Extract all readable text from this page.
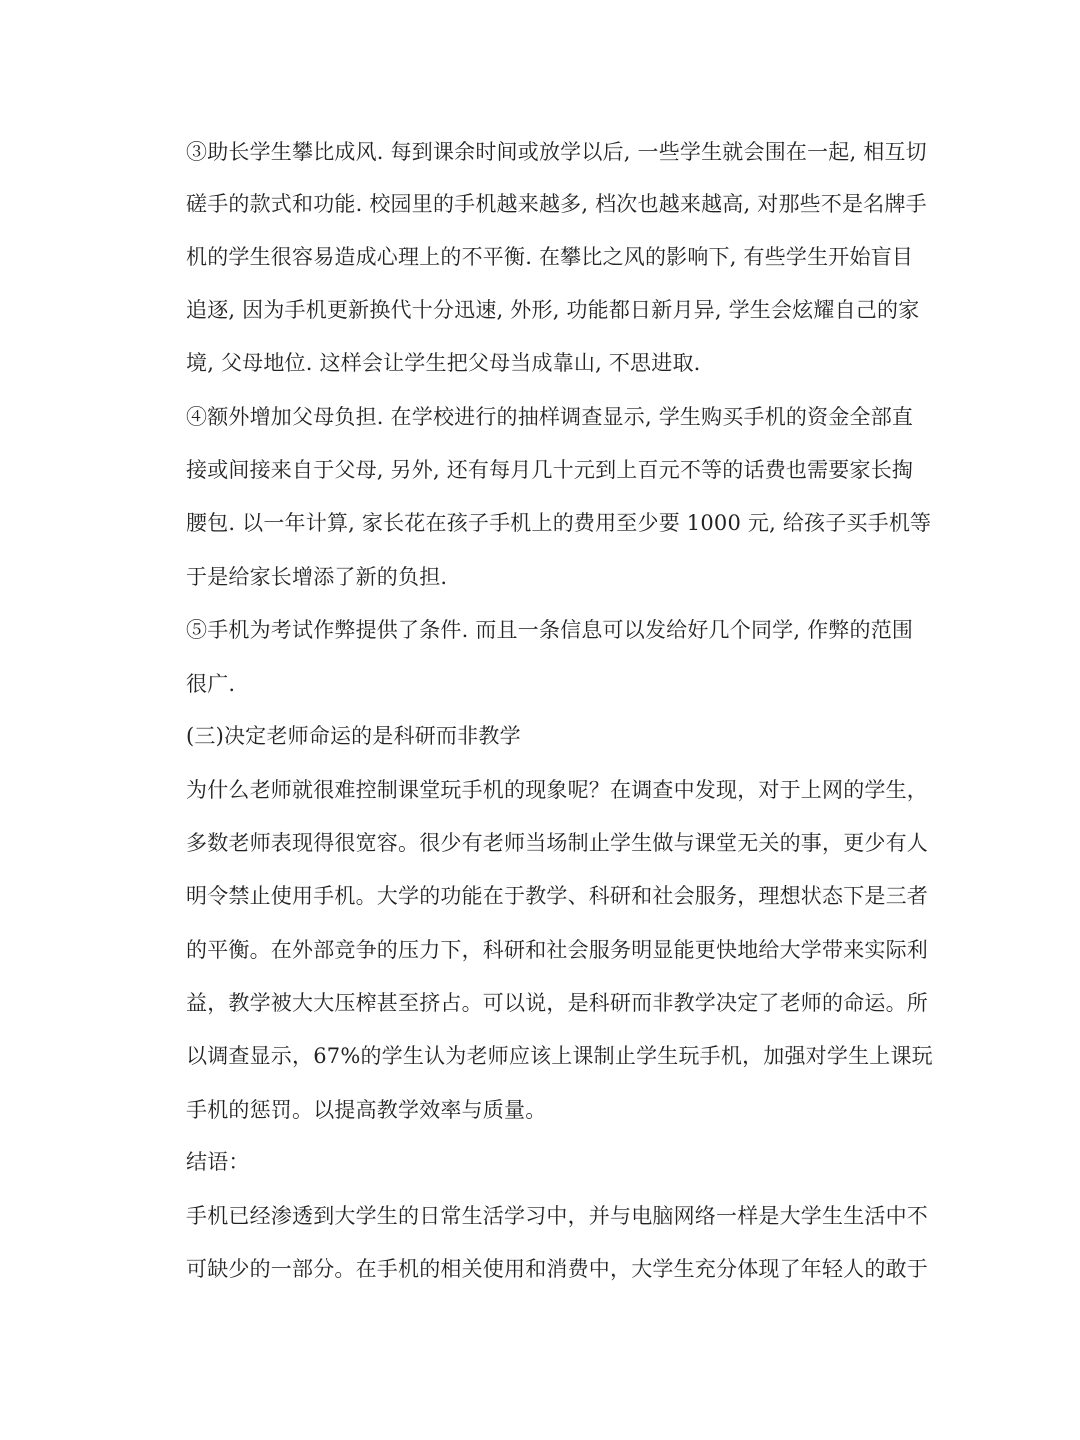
③助长学生攀比成风. 每到课余时间或放学以后, 一些学生就会围在一起, 相互切
磋手的款式和功能. 校园里的手机越来越多, 档次也越来越高, 对那些不是名牌手
机的学生很容易造成心理上的不平衡. 在攀比之风的影响下, 有些学生开始盲目
追逐, 因为手机更新换代十分迅速, 外形, 功能都日新月异, 学生会炫耀自己的家
境, 父母地位. 这样会让学生把父母当成靠山, 不思进取.
④额外增加父母负担. 在学校进行的抽样调查显示, 学生购买手机的资金全部直
接或间接来自于父母, 另外, 还有每月几十元到上百元不等的话费也需要家长掏
腰包. 以一年计算, 家长花在孩子手机上的费用至少要 1000 元, 给孩子买手机等
于是给家长增添了新的负担.
⑤手机为考试作弊提供了条件. 而且一条信息可以发给好几个同学, 作弊的范围
很广.
(三)决定老师命运的是科研而非教学
为什么老师就很难控制课堂玩手机的现象呢？在调查中发现，对于上网的学生，
多数老师表现得很宽容。很少有老师当场制止学生做与课堂无关的事，更少有人
明令禁止使用手机。大学的功能在于教学、科研和社会服务，理想状态下是三者
的平衡。在外部竞争的压力下，科研和社会服务明显能更快地给大学带来实际利
益，教学被大大压榨甚至挤占。可以说，是科研而非教学决定了老师的命运。所
以调查显示，67%的学生认为老师应该上课制止学生玩手机，加强对学生上课玩
手机的惩罚。以提高教学效率与质量。
结语：
手机已经渗透到大学生的日常生活学习中，并与电脑网络一样是大学生生活中不
可缺少的一部分。在手机的相关使用和消费中，大学生充分体现了年轻人的敢于
